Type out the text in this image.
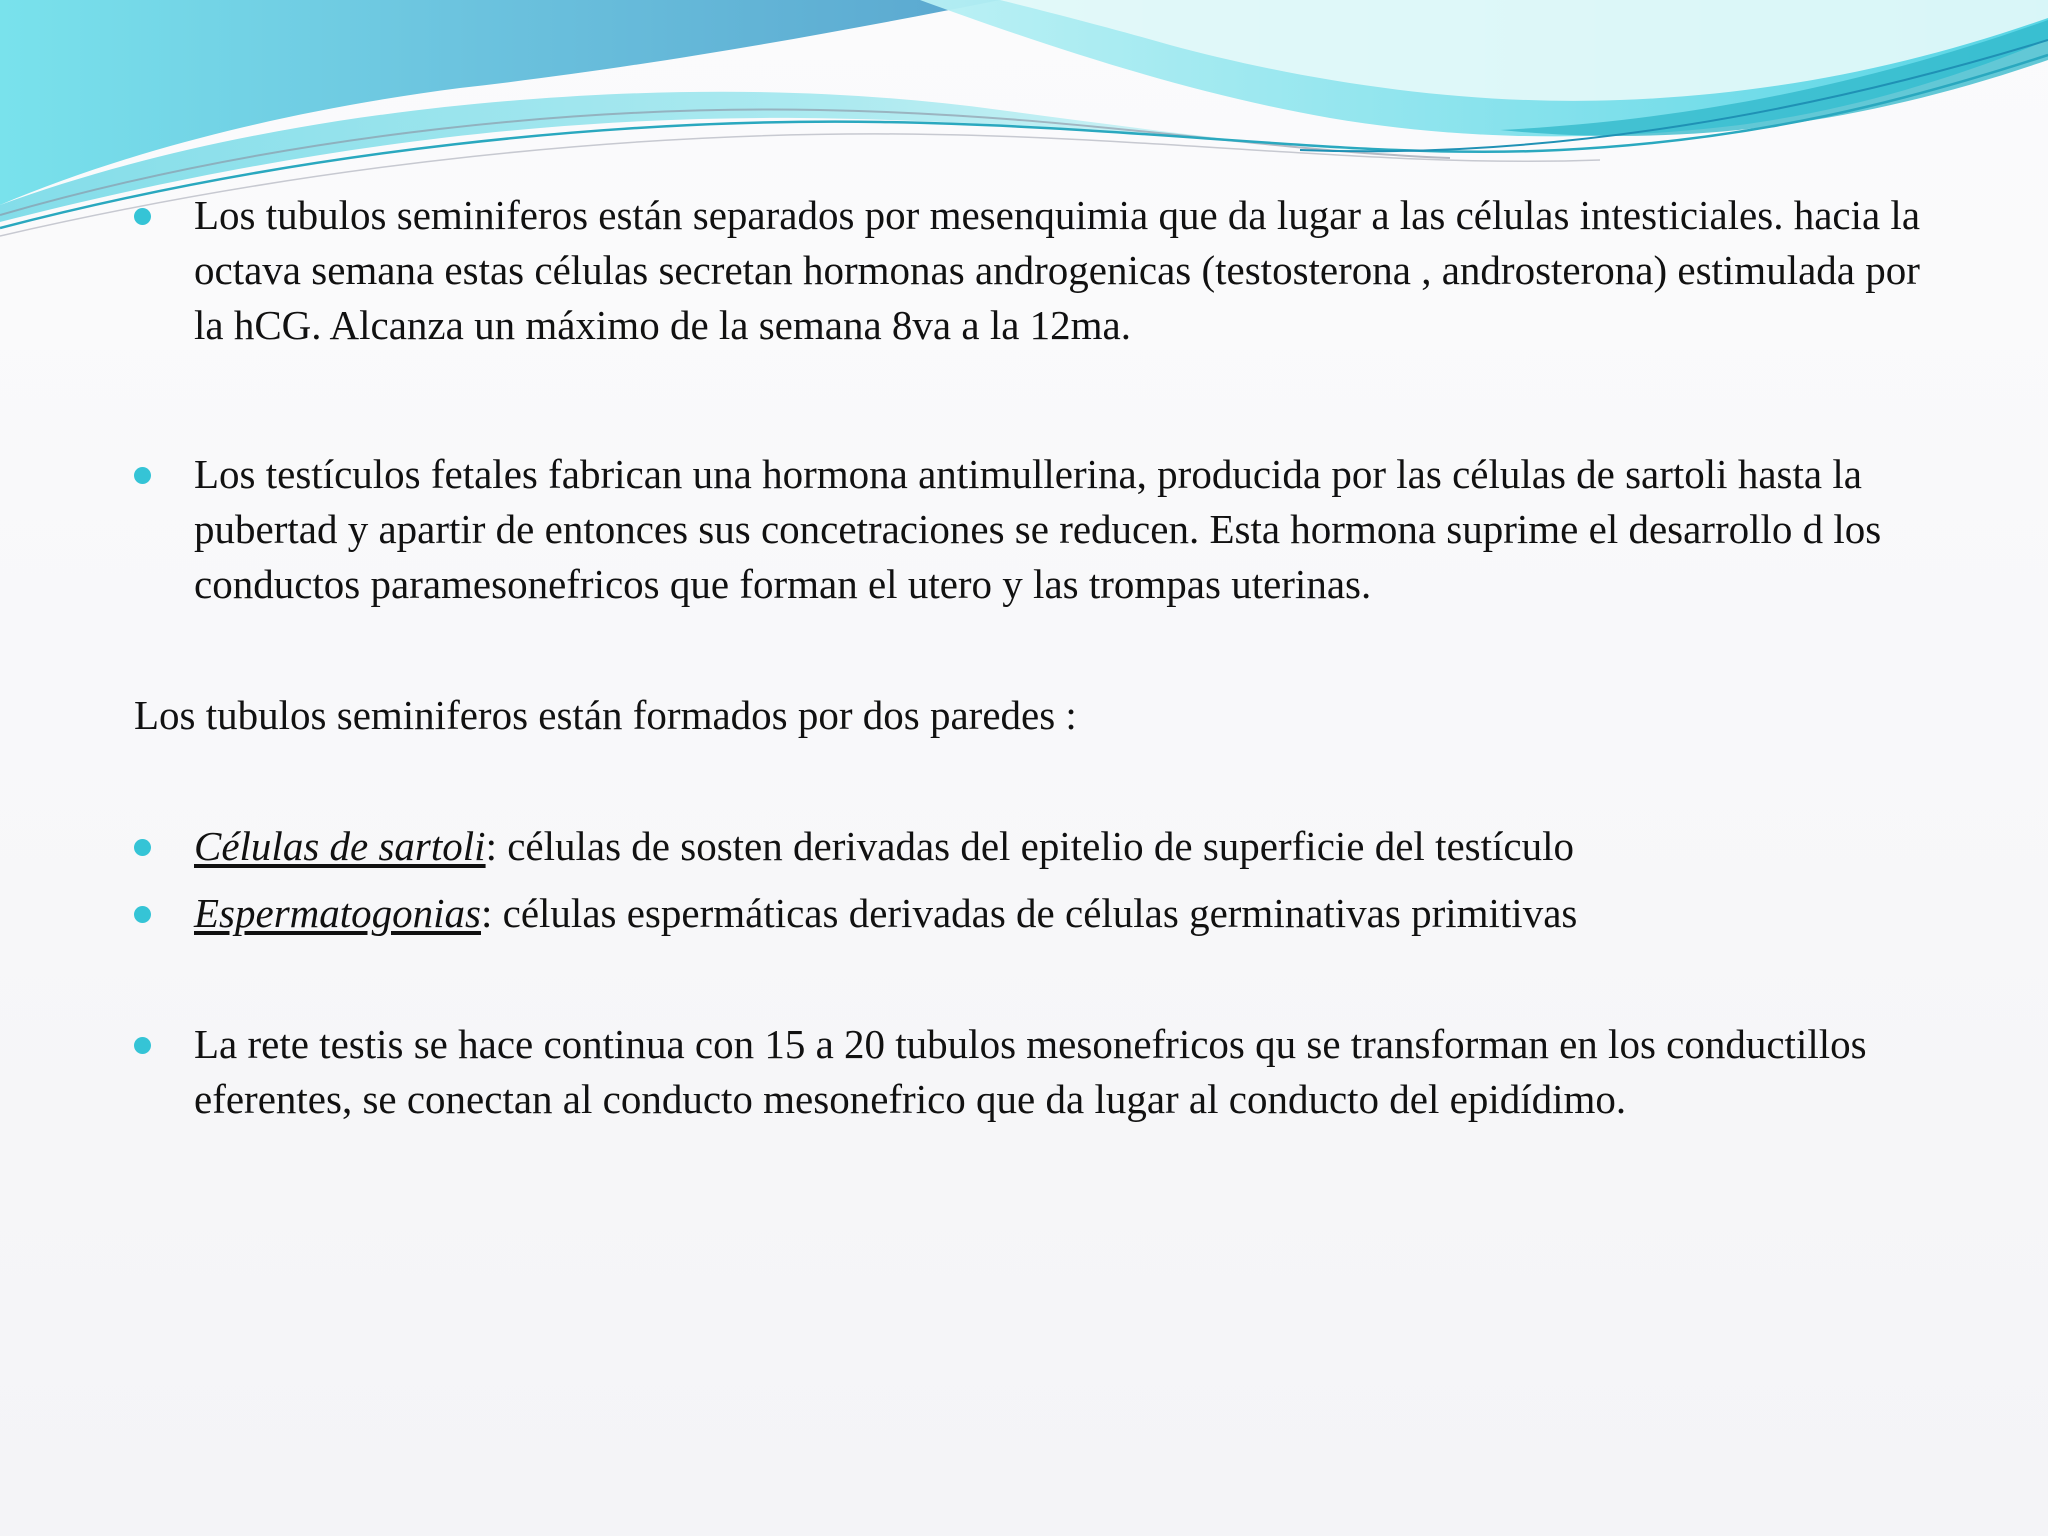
Los tubulos seminiferos están separados por mesenquimia que da lugar a las células intesticiales. hacia la octava semana estas células secretan hormonas androgenicas (testosterona , androsterona) estimulada por la hCG. Alcanza un máximo de la semana 8va a la 12ma.

Los testículos fetales fabrican una hormona antimullerina, producida por las células de sartoli hasta la pubertad y apartir de entonces sus concetraciones se reducen. Esta hormona suprime el desarrollo d los conductos paramesonefricos que forman el utero y las trompas uterinas.

Los tubulos seminiferos están formados por dos paredes :

Células de sartoli: células de sosten derivadas del epitelio de superficie del testículo

Espermatogonias: células espermáticas derivadas de células germinativas primitivas

La rete testis se hace continua con 15 a 20 tubulos mesonefricos qu se transforman en los conductillos eferentes, se conectan al conducto mesonefrico que da lugar al conducto del epidídimo.
